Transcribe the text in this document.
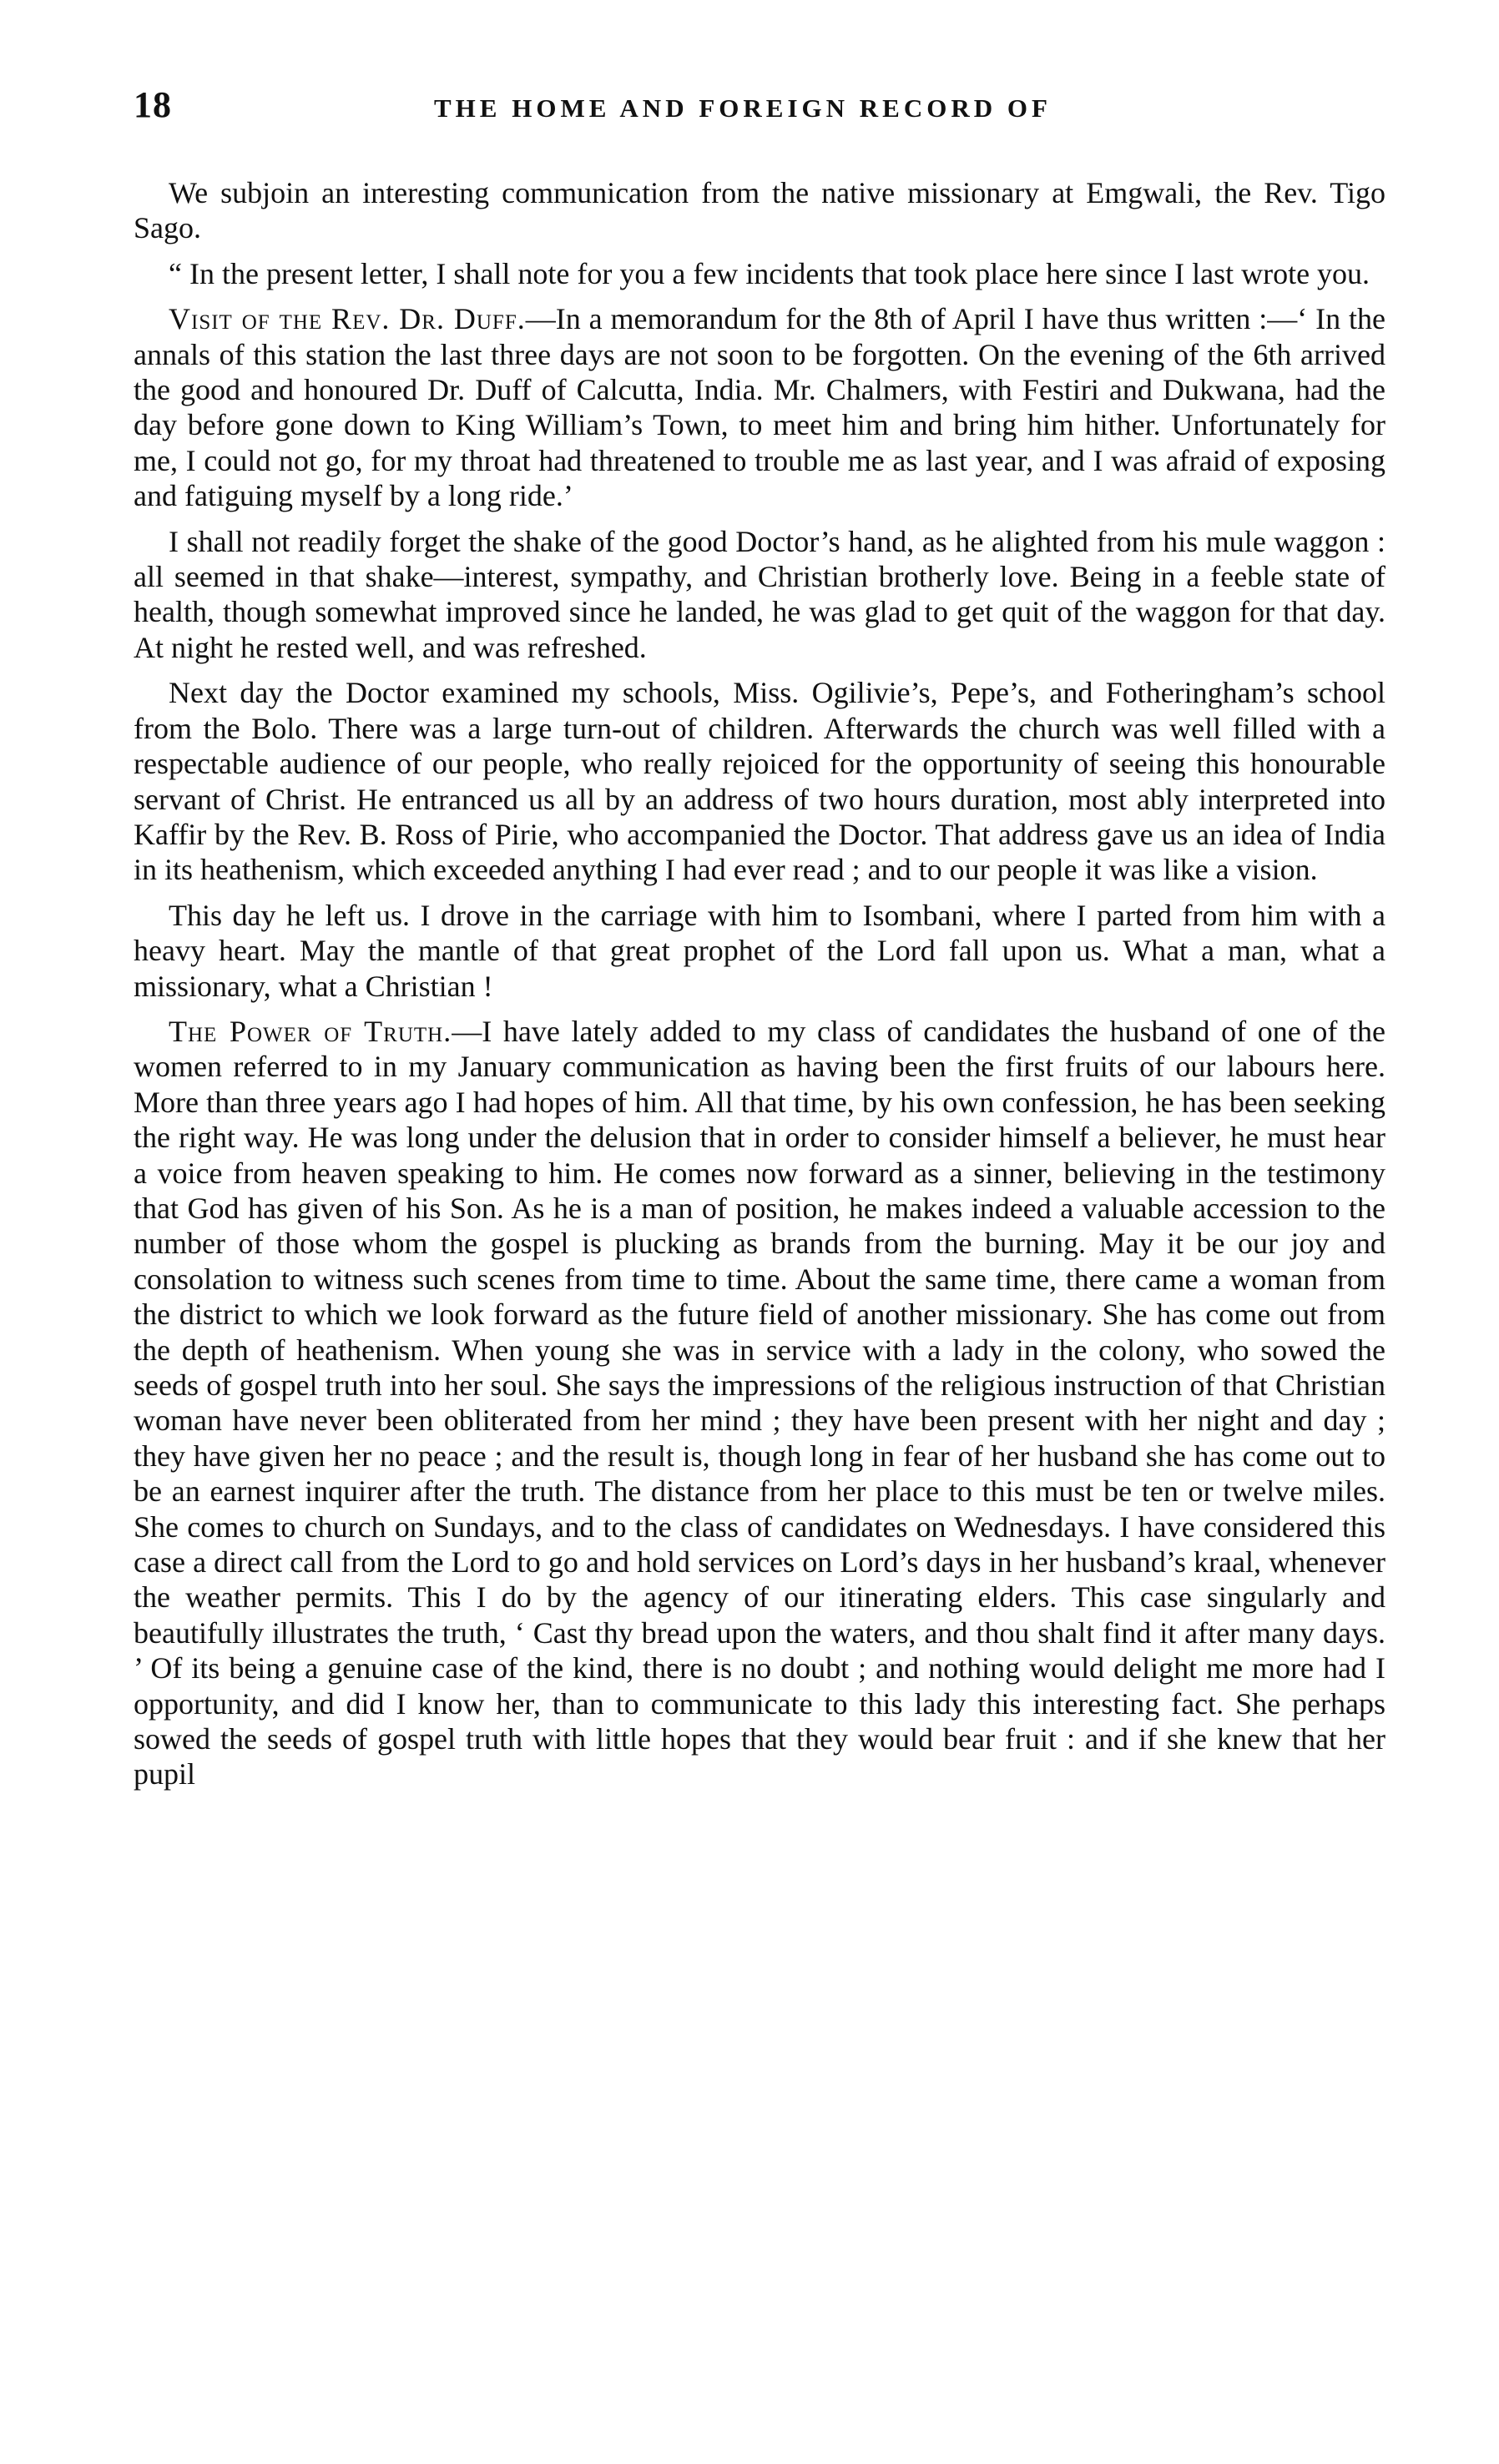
18	THE HOME AND FOREIGN RECORD OF

We subjoin an interesting communication from the native missionary at Emgwali, the Rev. Tigo Sago.

“ In the present letter, I shall note for you a few incidents that took place here since I last wrote you.

Visit of the Rev. Dr. Duff.—In a memorandum for the 8th of April I have thus written :—‘ In the annals of this station the last three days are not soon to be forgotten. On the evening of the 6th arrived the good and honoured Dr. Duff of Calcutta, India. Mr. Chalmers, with Festiri and Dukwana, had the day before gone down to King William’s Town, to meet him and bring him hither. Unfortunately for me, I could not go, for my throat had threatened to trouble me as last year, and I was afraid of exposing and fatiguing myself by a long ride.’

I shall not readily forget the shake of the good Doctor’s hand, as he alighted from his mule waggon : all seemed in that shake—interest, sympathy, and Christian brotherly love. Being in a feeble state of health, though somewhat improved since he landed, he was glad to get quit of the waggon for that day. At night he rested well, and was refreshed.

Next day the Doctor examined my schools, Miss. Ogilivie’s, Pepe’s, and Fotheringham’s school from the Bolo. There was a large turn-out of children. Afterwards the church was well filled with a respectable audience of our people, who really rejoiced for the opportunity of seeing this honourable servant of Christ. He entranced us all by an address of two hours duration, most ably interpreted into Kaffir by the Rev. B. Ross of Pirie, who accompanied the Doctor. That address gave us an idea of India in its heathenism, which exceeded anything I had ever read ; and to our people it was like a vision.

This day he left us. I drove in the carriage with him to Isombani, where I parted from him with a heavy heart. May the mantle of that great prophet of the Lord fall upon us. What a man, what a missionary, what a Christian !

The Power of Truth.—I have lately added to my class of candidates the husband of one of the women referred to in my January communication as having been the first fruits of our labours here. More than three years ago I had hopes of him. All that time, by his own confession, he has been seeking the right way. He was long under the delusion that in order to consider himself a believer, he must hear a voice from heaven speaking to him. He comes now forward as a sinner, believing in the testimony that God has given of his Son. As he is a man of position, he makes indeed a valuable accession to the number of those whom the gospel is plucking as brands from the burning. May it be our joy and consolation to witness such scenes from time to time. About the same time, there came a woman from the district to which we look forward as the future field of another missionary. She has come out from the depth of heathenism. When young she was in service with a lady in the colony, who sowed the seeds of gospel truth into her soul. She says the impressions of the religious instruction of that Christian woman have never been obliterated from her mind ; they have been present with her night and day ; they have given her no peace ; and the result is, though long in fear of her husband she has come out to be an earnest inquirer after the truth. The distance from her place to this must be ten or twelve miles. She comes to church on Sundays, and to the class of candidates on Wednesdays. I have considered this case a direct call from the Lord to go and hold services on Lord’s days in her husband’s kraal, whenever the weather permits. This I do by the agency of our itinerating elders. This case singularly and beautifully illustrates the truth, ‘ Cast thy bread upon the waters, and thou shalt find it after many days. ’ Of its being a genuine case of the kind, there is no doubt ; and nothing would delight me more had I opportunity, and did I know her, than to communicate to this lady this interesting fact. She perhaps sowed the seeds of gospel truth with little hopes that they would bear fruit : and if she knew that her pupil
